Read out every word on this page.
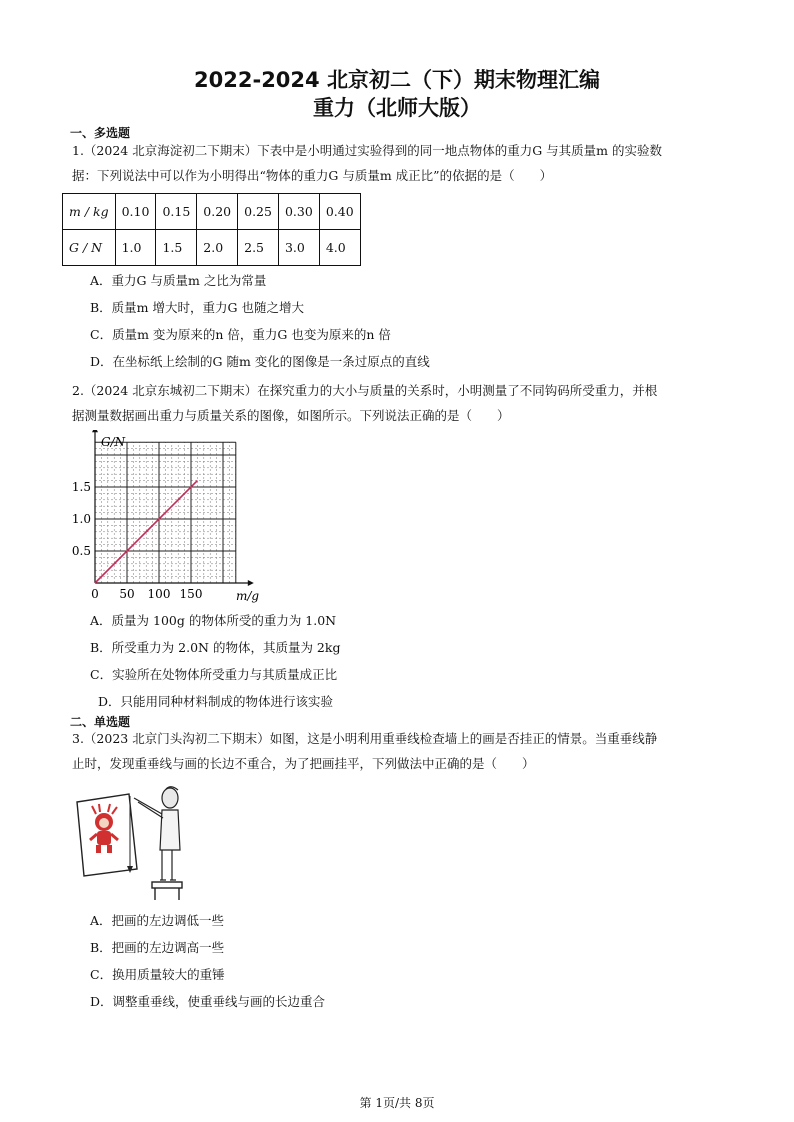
2022-2024 北京初二（下）期末物理汇编
重力（北师大版）
一、多选题
1.（2024 北京海淀初二下期末）下表中是小明通过实验得到的同一地点物体的重力G 与其质量m 的实验数
据：下列说法中可以作为小明得出“物体的重力G 与质量m 成正比”的依据的是（　　）
m / kg	0.10	0.15	0.20	0.25	0.30	0.40
G / N	1.0	1.5	2.0	2.5	3.0	4.0
A．重力G 与质量m 之比为常量
B．质量m 增大时，重力G 也随之增大
C．质量m 变为原来的n 倍，重力G 也变为原来的n 倍
D．在坐标纸上绘制的G 随m 变化的图像是一条过原点的直线
2.（2024 北京东城初二下期末）在探究重力的大小与质量的关系时，小明测量了不同钩码所受重力，并根
据测量数据画出重力与质量关系的图像，如图所示。下列说法正确的是（　　）
0 50 100 150
0.5
1.0
1.5
G/N
m/g
A．质量为 100g 的物体所受的重力为 1.0N
B．所受重力为 2.0N 的物体，其质量为 2kg
C．实验所在处物体所受重力与其质量成正比
D．只能用同种材料制成的物体进行该实验
二、单选题
3.（2023 北京门头沟初二下期末）如图，这是小明利用重垂线检查墙上的画是否挂正的情景。当重垂线静
止时，发现重垂线与画的长边不重合，为了把画挂平，下列做法中正确的是（　　）
A．把画的左边调低一些
B．把画的左边调高一些
C．换用质量较大的重锤
D．调整重垂线，使重垂线与画的长边重合
第 1页/共 8页
